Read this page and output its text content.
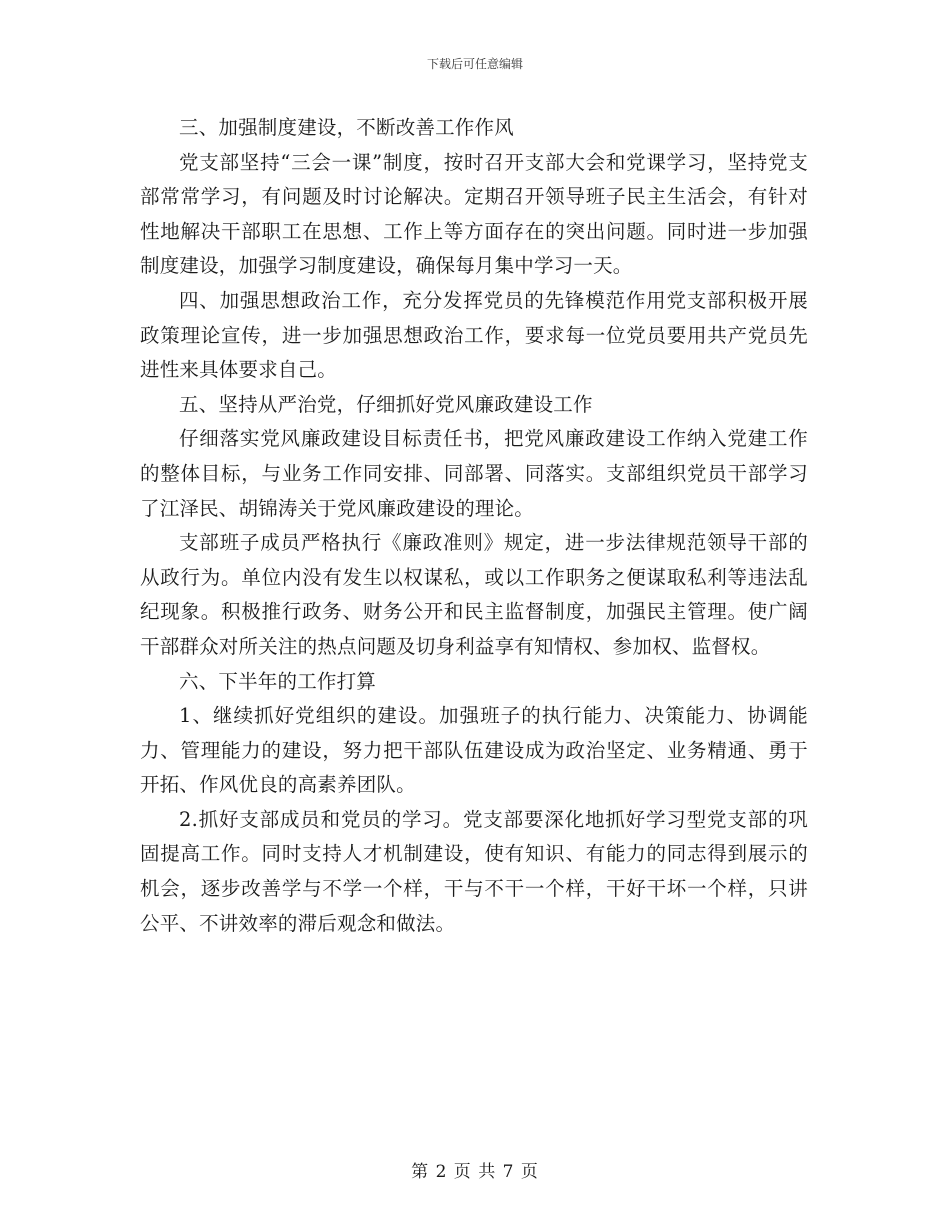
下载后可任意编辑

三、加强制度建设，不断改善工作作风

党支部坚持“三会一课”制度，按时召开支部大会和党课学习，坚持党支部常常学习，有问题及时讨论解决。定期召开领导班子民主生活会，有针对性地解决干部职工在思想、工作上等方面存在的突出问题。同时进一步加强制度建设，加强学习制度建设，确保每月集中学习一天。

四、加强思想政治工作，充分发挥党员的先锋模范作用党支部积极开展政策理论宣传，进一步加强思想政治工作，要求每一位党员要用共产党员先进性来具体要求自己。

五、坚持从严治党，仔细抓好党风廉政建设工作

仔细落实党风廉政建设目标责任书，把党风廉政建设工作纳入党建工作的整体目标，与业务工作同安排、同部署、同落实。支部组织党员干部学习了江泽民、胡锦涛关于党风廉政建设的理论。

支部班子成员严格执行《廉政准则》规定，进一步法律规范领导干部的从政行为。单位内没有发生以权谋私，或以工作职务之便谋取私利等违法乱纪现象。积极推行政务、财务公开和民主监督制度，加强民主管理。使广阔干部群众对所关注的热点问题及切身利益享有知情权、参加权、监督权。

六、下半年的工作打算

1、继续抓好党组织的建设。加强班子的执行能力、决策能力、协调能力、管理能力的建设，努力把干部队伍建设成为政治坚定、业务精通、勇于开拓、作风优良的高素养团队。

2.抓好支部成员和党员的学习。党支部要深化地抓好学习型党支部的巩固提高工作。同时支持人才机制建设，使有知识、有能力的同志得到展示的机会，逐步改善学与不学一个样，干与不干一个样，干好干坏一个样，只讲公平、不讲效率的滞后观念和做法。

第 2 页 共 7 页
